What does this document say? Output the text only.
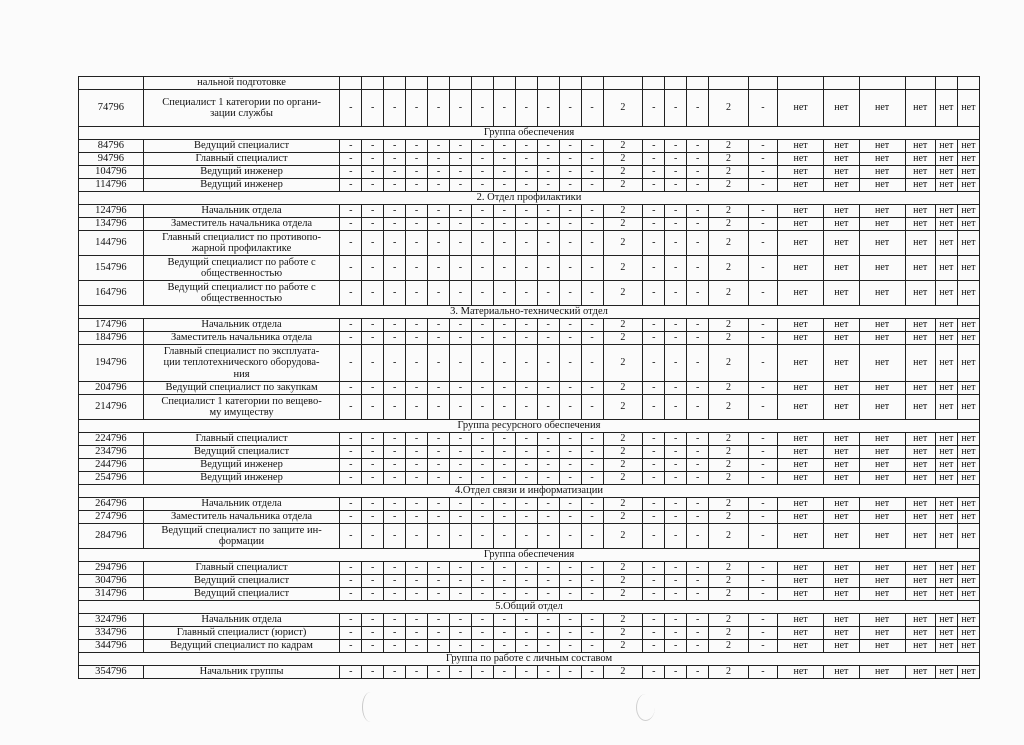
	нальной подготовке																								
74796	Специалист 1 категории по органи-
зации службы	-	-	-	-	-	-	-	-	-	-	-	-	2	-	-	-	2	-	нет	нет	нет	нет	нет	нет
Группа обеспечения																									
84796	Ведущий специалист	-	-	-	-	-	-	-	-	-	-	-	-	2	-	-	-	2	-	нет	нет	нет	нет	нет	нет
94796	Главный специалист	-	-	-	-	-	-	-	-	-	-	-	-	2	-	-	-	2	-	нет	нет	нет	нет	нет	нет
104796	Ведущий инженер	-	-	-	-	-	-	-	-	-	-	-	-	2	-	-	-	2	-	нет	нет	нет	нет	нет	нет
114796	Ведущий инженер	-	-	-	-	-	-	-	-	-	-	-	-	2	-	-	-	2	-	нет	нет	нет	нет	нет	нет
2. Отдел профилактики																									
124796	Начальник отдела	-	-	-	-	-	-	-	-	-	-	-	-	2	-	-	-	2	-	нет	нет	нет	нет	нет	нет
134796	Заместитель начальника отдела	-	-	-	-	-	-	-	-	-	-	-	-	2	-	-	-	2	-	нет	нет	нет	нет	нет	нет
144796	Главный специалист по противопо-
жарной профилактике	-	-	-	-	-	-	-	-	-	-	-	-	2	-	-	-	2	-	нет	нет	нет	нет	нет	нет
154796	Ведущий специалист по работе с
общественностью	-	-	-	-	-	-	-	-	-	-	-	-	2	-	-	-	2	-	нет	нет	нет	нет	нет	нет
164796	Ведущий специалист по работе с
общественностью	-	-	-	-	-	-	-	-	-	-	-	-	2	-	-	-	2	-	нет	нет	нет	нет	нет	нет
3. Материально-технический отдел																									
174796	Начальник отдела	-	-	-	-	-	-	-	-	-	-	-	-	2	-	-	-	2	-	нет	нет	нет	нет	нет	нет
184796	Заместитель начальника отдела	-	-	-	-	-	-	-	-	-	-	-	-	2	-	-	-	2	-	нет	нет	нет	нет	нет	нет
194796	Главный специалист по эксплуата-
ции теплотехнического оборудова-
ния	-	-	-	-	-	-	-	-	-	-	-	-	2	-	-	-	2	-	нет	нет	нет	нет	нет	нет
204796	Ведущий специалист по закупкам	-	-	-	-	-	-	-	-	-	-	-	-	2	-	-	-	2	-	нет	нет	нет	нет	нет	нет
214796	Специалист 1 категории по вещево-
му имуществу	-	-	-	-	-	-	-	-	-	-	-	-	2	-	-	-	2	-	нет	нет	нет	нет	нет	нет
Группа ресурсного обеспечения																									
224796	Главный специалист	-	-	-	-	-	-	-	-	-	-	-	-	2	-	-	-	2	-	нет	нет	нет	нет	нет	нет
234796	Ведущий специалист	-	-	-	-	-	-	-	-	-	-	-	-	2	-	-	-	2	-	нет	нет	нет	нет	нет	нет
244796	Ведущий инженер	-	-	-	-	-	-	-	-	-	-	-	-	2	-	-	-	2	-	нет	нет	нет	нет	нет	нет
254796	Ведущий инженер	-	-	-	-	-	-	-	-	-	-	-	-	2	-	-	-	2	-	нет	нет	нет	нет	нет	нет
4.Отдел связи и информатизации																									
264796	Начальник отдела	-	-	-	-	-	-	-	-	-	-	-	-	2	-	-	-	2	-	нет	нет	нет	нет	нет	нет
274796	Заместитель начальника отдела	-	-	-	-	-	-	-	-	-	-	-	-	2	-	-	-	2	-	нет	нет	нет	нет	нет	нет
284796	Ведущий специалист по защите ин-
формации	-	-	-	-	-	-	-	-	-	-	-	-	2	-	-	-	2	-	нет	нет	нет	нет	нет	нет
Группа обеспечения																									
294796	Главный специалист	-	-	-	-	-	-	-	-	-	-	-	-	2	-	-	-	2	-	нет	нет	нет	нет	нет	нет
304796	Ведущий специалист	-	-	-	-	-	-	-	-	-	-	-	-	2	-	-	-	2	-	нет	нет	нет	нет	нет	нет
314796	Ведущий специалист	-	-	-	-	-	-	-	-	-	-	-	-	2	-	-	-	2	-	нет	нет	нет	нет	нет	нет
5.Общий отдел																									
324796	Начальник отдела	-	-	-	-	-	-	-	-	-	-	-	-	2	-	-	-	2	-	нет	нет	нет	нет	нет	нет
334796	Главный специалист (юрист)	-	-	-	-	-	-	-	-	-	-	-	-	2	-	-	-	2	-	нет	нет	нет	нет	нет	нет
344796	Ведущий специалист по кадрам	-	-	-	-	-	-	-	-	-	-	-	-	2	-	-	-	2	-	нет	нет	нет	нет	нет	нет
Группа по работе с личным составом																									
354796	Начальник группы	-	-	-	-	-	-	-	-	-	-	-	-	2	-	-	-	2	-	нет	нет	нет	нет	нет	нет
